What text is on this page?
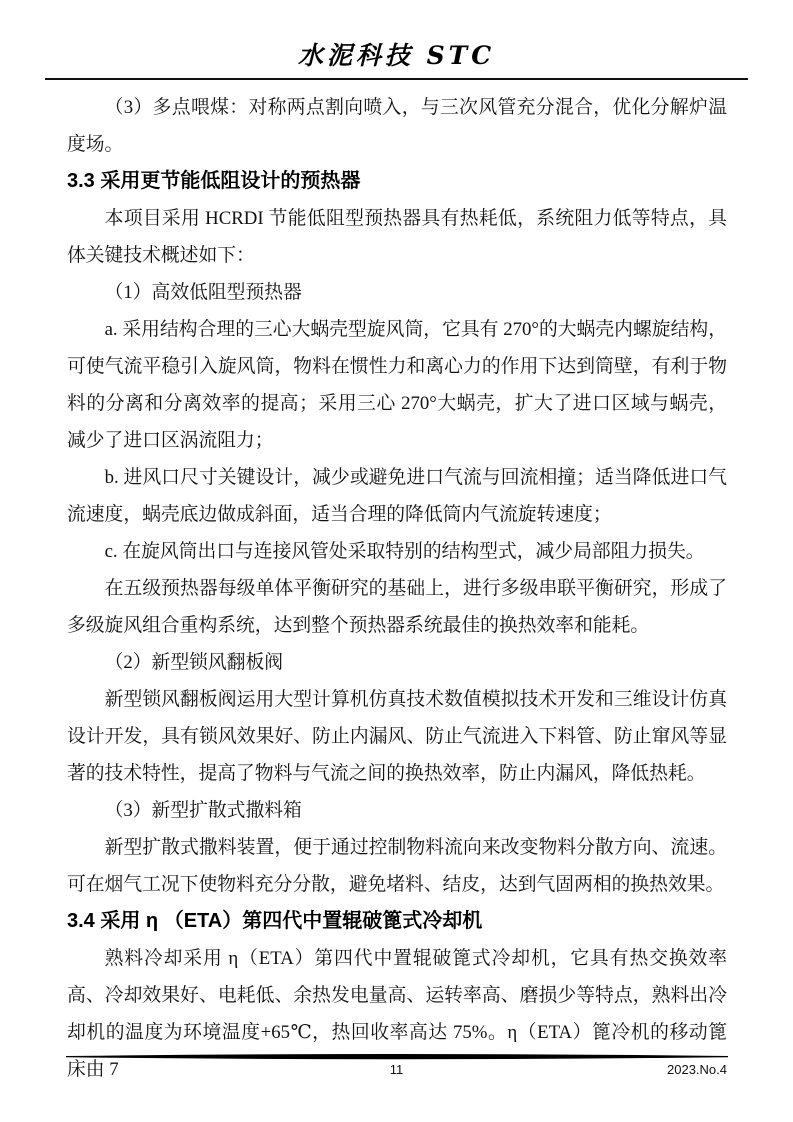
水泥科技 STC

（3）多点喂煤：对称两点割向喷入，与三次风管充分混合，优化分解炉温度场。

3.3 采用更节能低阻设计的预热器

本项目采用 HCRDI 节能低阻型预热器具有热耗低，系统阻力低等特点，具体关键技术概述如下：

（1）高效低阻型预热器

a. 采用结构合理的三心大蜗壳型旋风筒，它具有 270°的大蜗壳内螺旋结构，可使气流平稳引入旋风筒，物料在惯性力和离心力的作用下达到筒壁，有利于物料的分离和分离效率的提高；采用三心 270°大蜗壳，扩大了进口区域与蜗壳，减少了进口区涡流阻力；

b. 进风口尺寸关键设计，减少或避免进口气流与回流相撞；适当降低进口气流速度，蜗壳底边做成斜面，适当合理的降低筒内气流旋转速度；

c. 在旋风筒出口与连接风管处采取特别的结构型式，减少局部阻力损失。

在五级预热器每级单体平衡研究的基础上，进行多级串联平衡研究，形成了多级旋风组合重构系统，达到整个预热器系统最佳的换热效率和能耗。

（2）新型锁风翻板阀

新型锁风翻板阀运用大型计算机仿真技术数值模拟技术开发和三维设计仿真设计开发，具有锁风效果好、防止内漏风、防止气流进入下料管、防止窜风等显著的技术特性，提高了物料与气流之间的换热效率，防止内漏风，降低热耗。

（3）新型扩散式撒料箱

新型扩散式撒料装置，便于通过控制物料流向来改变物料分散方向、流速。可在烟气工况下使物料充分分散，避免堵料、结皮，达到气固两相的换热效果。

3.4 采用 η （ETA）第四代中置辊破篦式冷却机

熟料冷却采用 η（ETA）第四代中置辊破篦式冷却机，它具有热交换效率高、冷却效果好、电耗低、余热发电量高、运转率高、磨损少等特点，熟料出冷却机的温度为环境温度+65℃，热回收率高达 75%。η（ETA）篦冷机的移动篦床由 7	11	2023.No.4
